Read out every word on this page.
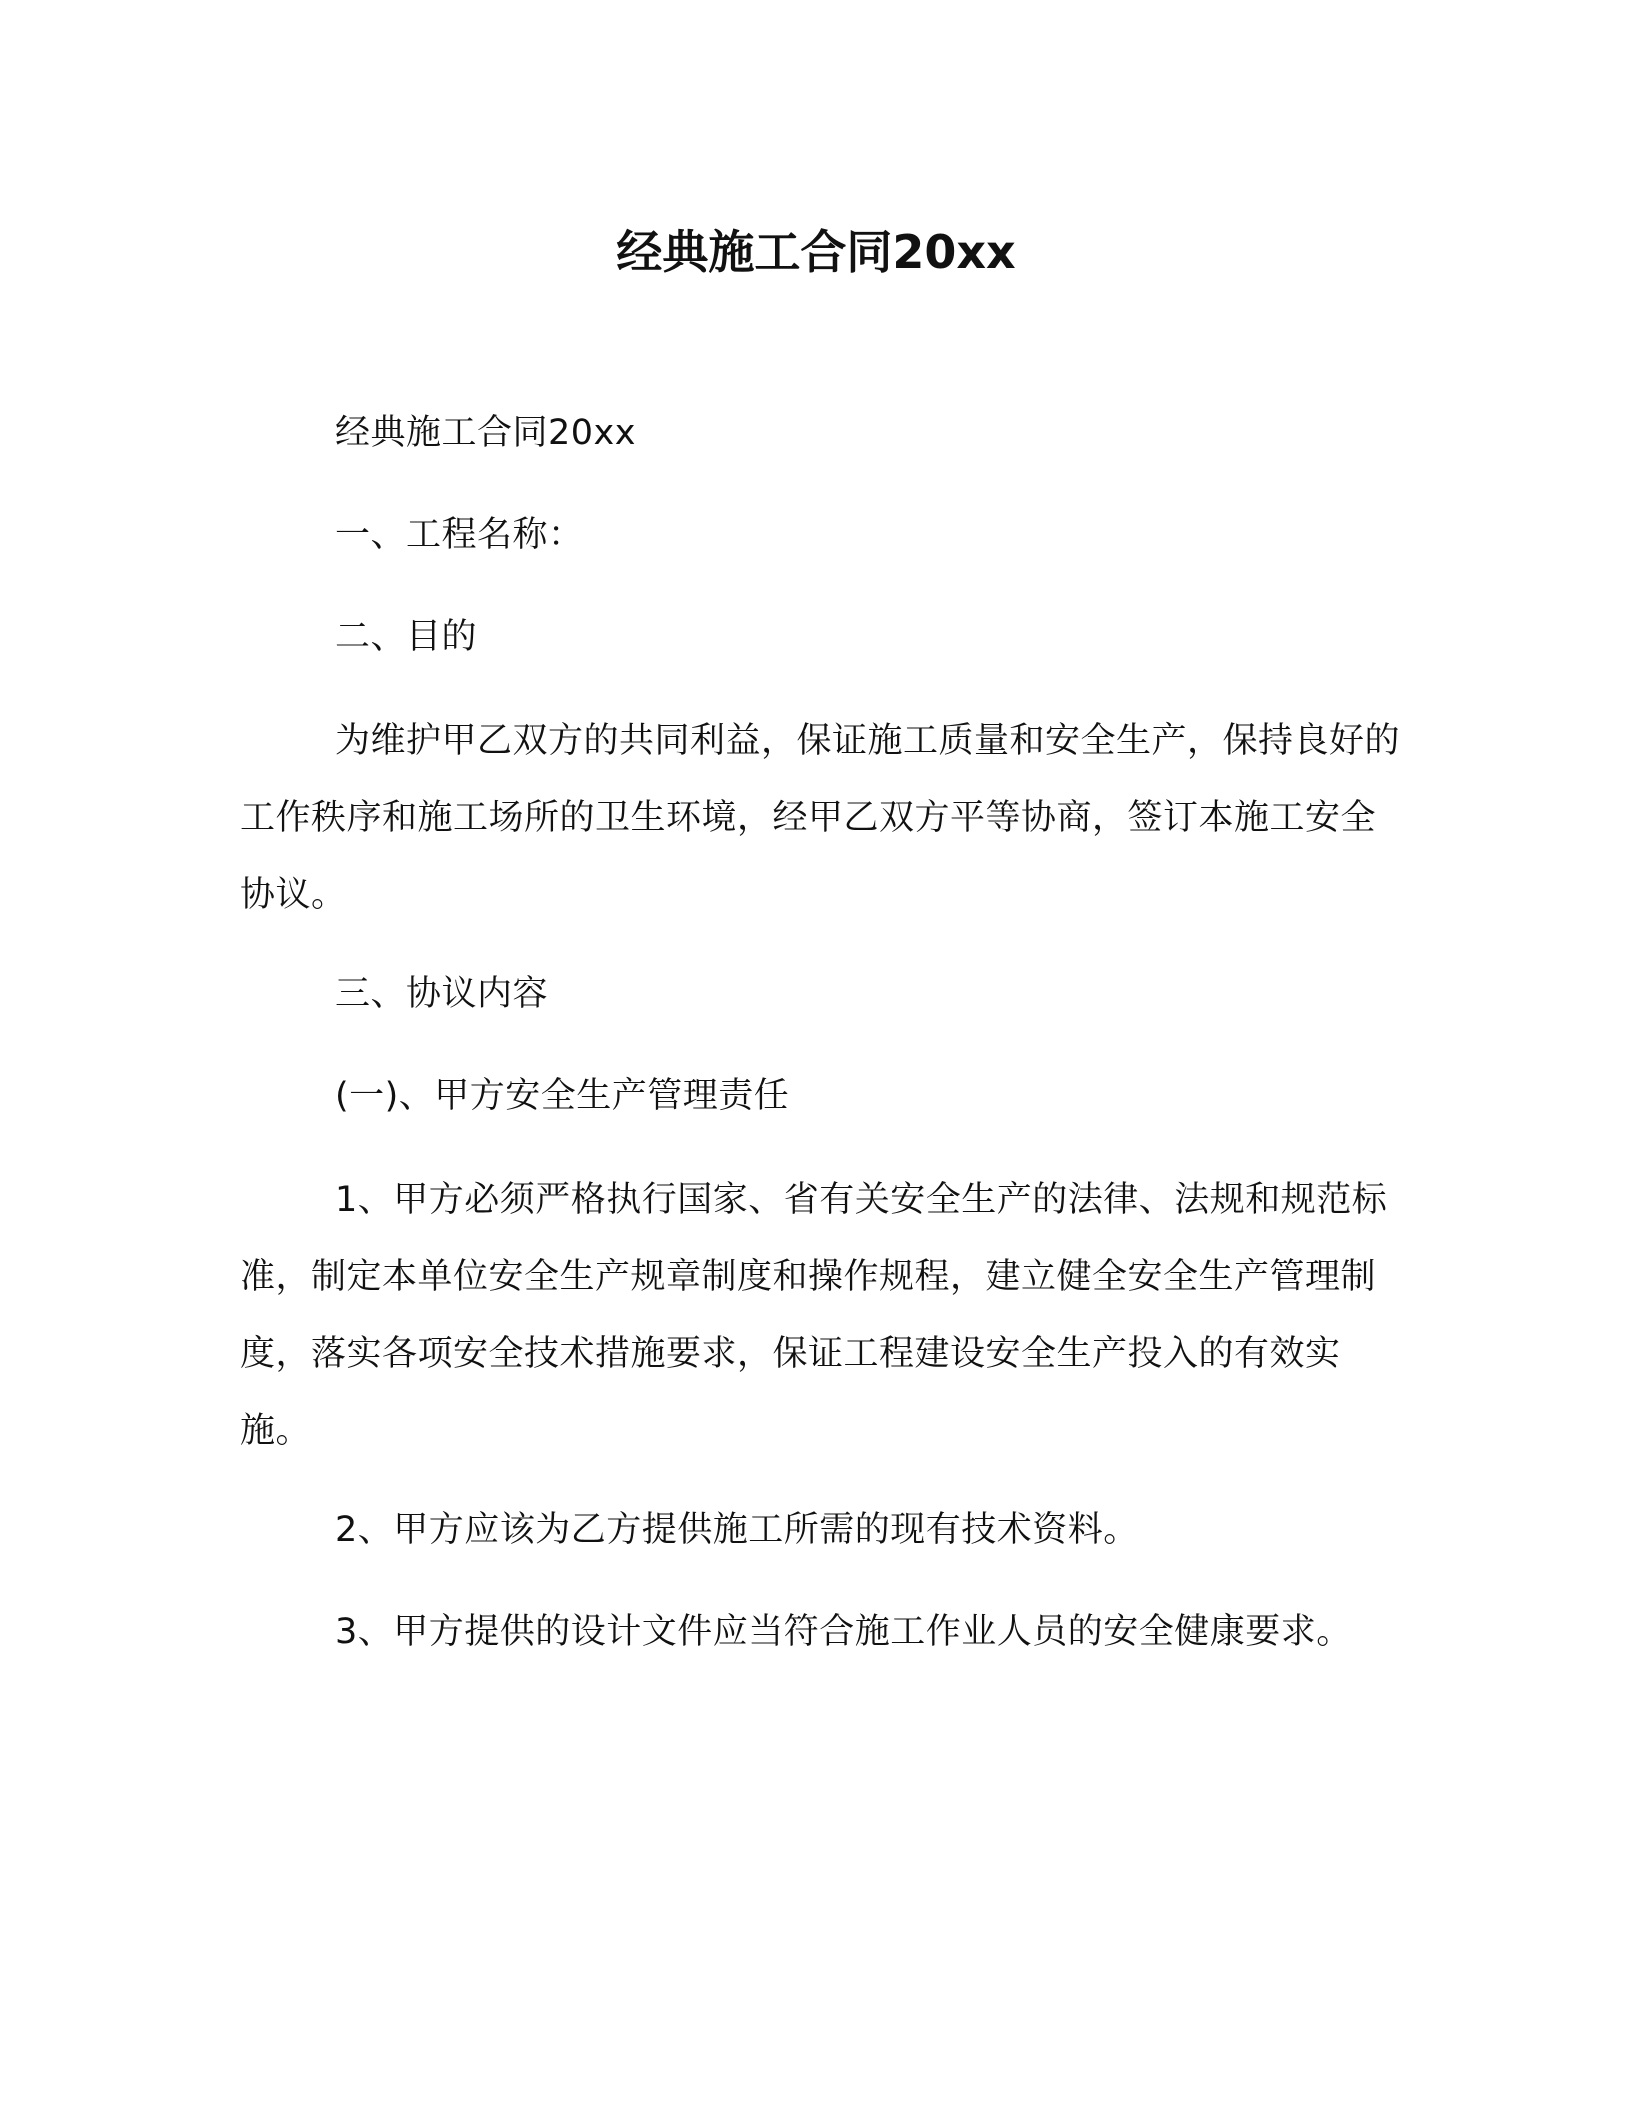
经典施工合同20xx

经典施工合同20xx

一、工程名称：

二、目的

为维护甲乙双方的共同利益，保证施工质量和安全生产，保持良好的工作秩序和施工场所的卫生环境，经甲乙双方平等协商，签订本施工安全协议。

三、协议内容

(一)、甲方安全生产管理责任

1、甲方必须严格执行国家、省有关安全生产的法律、法规和规范标准，制定本单位安全生产规章制度和操作规程，建立健全安全生产管理制度，落实各项安全技术措施要求，保证工程建设安全生产投入的有效实施。

2、甲方应该为乙方提供施工所需的现有技术资料。

3、甲方提供的设计文件应当符合施工作业人员的安全健康要求。
